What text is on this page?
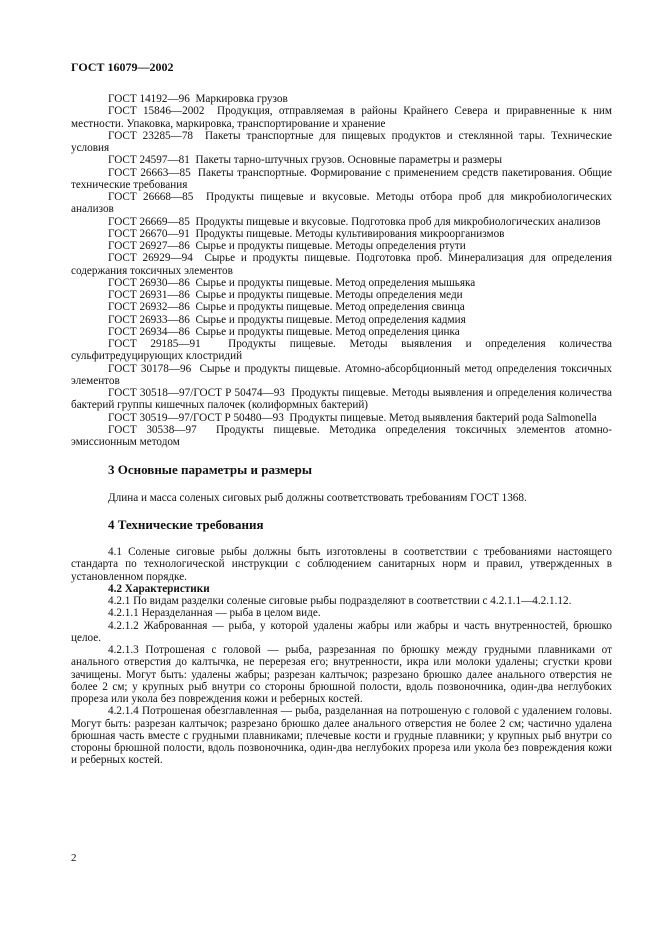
ГОСТ 16079—2002

ГОСТ 14192—96 Маркировка грузов

ГОСТ 15846—2002 Продукция, отправляемая в районы Крайнего Севера и приравненные к ним местности. Упаковка, маркировка, транспортирование и хранение

ГОСТ 23285—78 Пакеты транспортные для пищевых продуктов и стеклянной тары. Технические условия

ГОСТ 24597—81 Пакеты тарно-штучных грузов. Основные параметры и размеры

ГОСТ 26663—85 Пакеты транспортные. Формирование с применением средств пакетирования. Общие технические требования

ГОСТ 26668—85 Продукты пищевые и вкусовые. Методы отбора проб для микробиологических анализов

ГОСТ 26669—85 Продукты пищевые и вкусовые. Подготовка проб для микробиологических анализов

ГОСТ 26670—91 Продукты пищевые. Методы культивирования микроорганизмов

ГОСТ 26927—86 Сырье и продукты пищевые. Методы определения ртути

ГОСТ 26929—94 Сырье и продукты пищевые. Подготовка проб. Минерализация для определения содержания токсичных элементов

ГОСТ 26930—86 Сырье и продукты пищевые. Метод определения мышьяка

ГОСТ 26931—86 Сырье и продукты пищевые. Методы определения меди

ГОСТ 26932—86 Сырье и продукты пищевые. Метод определения свинца

ГОСТ 26933—86 Сырье и продукты пищевые. Метод определения кадмия

ГОСТ 26934—86 Сырье и продукты пищевые. Метод определения цинка

ГОСТ 29185—91 Продукты пищевые. Методы выявления и определения количества сульфитредуцирующих клостридий

ГОСТ 30178—96 Сырье и продукты пищевые. Атомно-абсорбционный метод определения токсичных элементов

ГОСТ 30518—97/ГОСТ Р 50474—93 Продукты пищевые. Методы выявления и определения количества бактерий группы кишечных палочек (колиформных бактерий)

ГОСТ 30519—97/ГОСТ Р 50480—93 Продукты пищевые. Метод выявления бактерий рода Salmonella

ГОСТ 30538—97 Продукты пищевые. Методика определения токсичных элементов атомно-эмиссионным методом

3 Основные параметры и размеры

Длина и масса соленых сиговых рыб должны соответствовать требованиям ГОСТ 1368.

4 Технические требования

4.1 Соленые сиговые рыбы должны быть изготовлены в соответствии с требованиями настоящего стандарта по технологической инструкции с соблюдением санитарных норм и правил, утвержденных в установленном порядке.

4.2 Характеристики

4.2.1 По видам разделки соленые сиговые рыбы подразделяют в соответствии с 4.2.1.1—4.2.1.12.

4.2.1.1 Неразделанная — рыба в целом виде.

4.2.1.2 Жаброванная — рыба, у которой удалены жабры или жабры и часть внутренностей, брюшко целое.

4.2.1.3 Потрошеная с головой — рыба, разрезанная по брюшку между грудными плавниками от анального отверстия до калтычка, не перерезая его; внутренности, икра или молоки удалены; сгустки крови зачищены. Могут быть: удалены жабры; разрезан калтычок; разрезано брюшко далее анального отверстия не более 2 см; у крупных рыб внутри со стороны брюшной полости, вдоль позвоночника, один-два неглубоких прореза или укола без повреждения кожи и реберных костей.

4.2.1.4 Потрошеная обезглавленная — рыба, разделанная на потрошеную с головой с удалением головы. Могут быть: разрезан калтычок; разрезано брюшко далее анального отверстия не более 2 см; частично удалена брюшная часть вместе с грудными плавниками; плечевые кости и грудные плавники; у крупных рыб внутри со стороны брюшной полости, вдоль позвоночника, один-два неглубоких прореза или укола без повреждения кожи и реберных костей.

2
